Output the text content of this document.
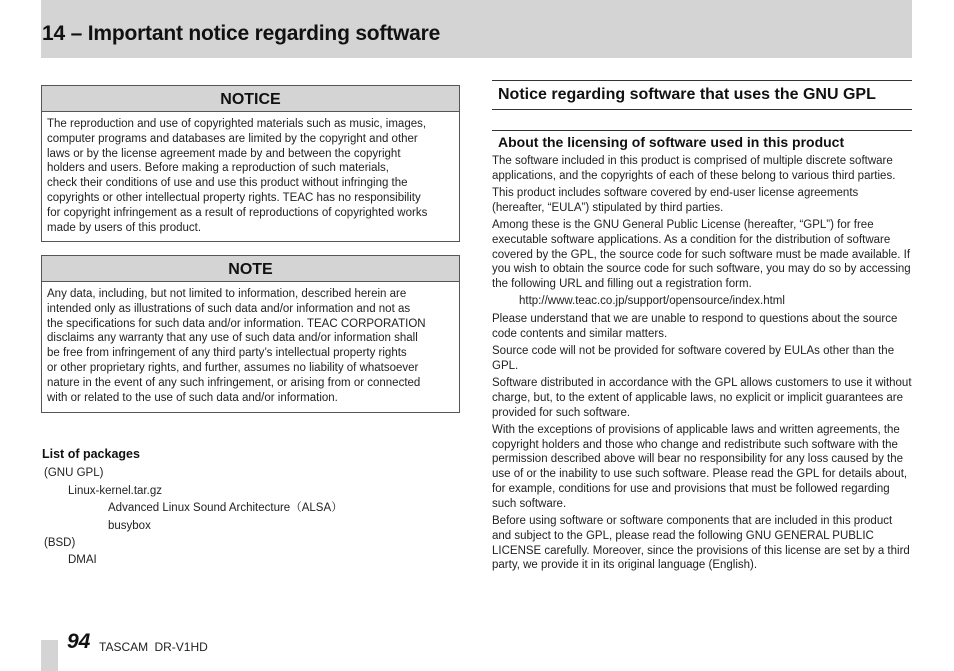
14 – Important notice regarding software
NOTICE
The reproduction and use of copyrighted materials such as music, images,
computer programs and databases are limited by the copyright and other
laws or by the license agreement made by and between the copyright
holders and users. Before making a reproduction of such materials,
check their conditions of use and use this product without infringing the
copyrights or other intellectual property rights. TEAC has no responsibility
for copyright infringement as a result of reproductions of copyrighted works
made by users of this product.
NOTE
Any data, including, but not limited to information, described herein are
intended only as illustrations of such data and/or information and not as
the specifications for such data and/or information. TEAC CORPORATION
disclaims any warranty that any use of such data and/or information shall
be free from infringement of any third party’s intellectual property rights
or other proprietary rights, and further, assumes no liability of whatsoever
nature in the event of any such infringement, or arising from or connected
with or related to the use of such data and/or information.
List of packages
(GNU GPL)
Linux-kernel.tar.gz
Advanced Linux Sound Architecture（ALSA）
busybox
(BSD)
DMAI
Notice regarding software that uses the GNU GPL
About the licensing of software used in this product

The software included in this product is comprised of multiple discrete software applications, and the copyrights of each of these belong to various third parties.

This product includes software covered by end-user license agreements (hereafter, “EULA”) stipulated by third parties.

Among these is the GNU General Public License (hereafter, “GPL”) for free executable software applications. As a condition for the distribution of software covered by the GPL, the source code for such software must be made available. If you wish to obtain the source code for such software, you may do so by accessing the following URL and filling out a registration form.

http://www.teac.co.jp/support/opensource/index.html

Please understand that we are unable to respond to questions about the source code contents and similar matters.

Source code will not be provided for software covered by EULAs other than the GPL.

Software distributed in accordance with the GPL allows customers to use it without charge, but, to the extent of applicable laws, no explicit or implicit guarantees are provided for such software.

With the exceptions of provisions of applicable laws and written agreements, the copyright holders and those who change and redistribute such software with the permission described above will bear no responsibility for any loss caused by the use of or the inability to use such software. Please read the GPL for details about, for example, conditions for use and provisions that must be followed regarding such software.

Before using software or software components that are included in this product and subject to the GPL, please read the following GNU GENERAL PUBLIC LICENSE carefully. Moreover, since the provisions of this license are set by a third party, we provide it in its original language (English).

94 TASCAM DR-V1HD
